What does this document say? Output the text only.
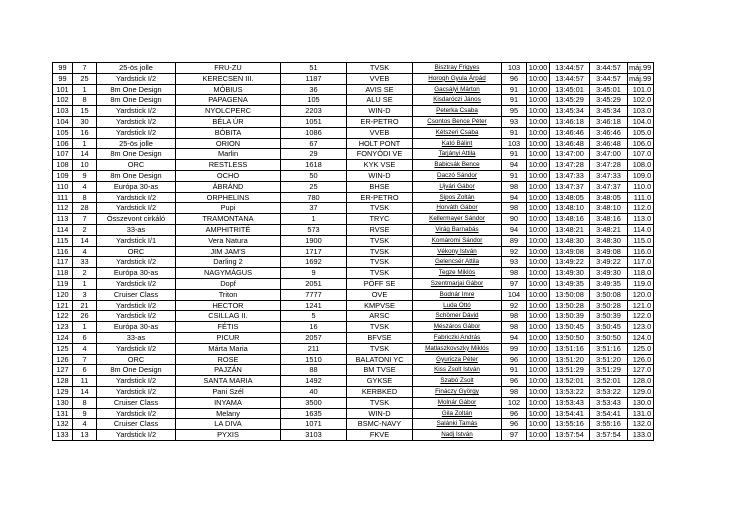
99	7	25-ös jolle	FRU-ZU	51	TVSK	Bisztray Frigyes	103	10:00	13:44:57	3:44:57	máj.99
99	25	Yardstick I/2	KERECSEN III.	1187	VVEB	Horogh Gyula Árpád	96	10:00	13:44:57	3:44:57	máj.99
101	1	8m One Design	MÓBIUS	36	AVIS SE	Gacsályi Márton	91	10:00	13:45:01	3:45:01	101.0
102	8	8m One Design	PAPAGENA	105	ALU SE	Kisdaróczi János	91	10:00	13:45:29	3:45:29	102.0
103	15	Yardstick I/2	NYOLCPERC	2203	WIN-D	Peterka Csaba	95	10:00	13:45:34	3:45:34	103.0
104	30	Yardstick I/2	BÉLA ÚR	1051	ER-PETRO	Csontos Bence Péter	93	10:00	13:46:18	3:46:18	104.0
105	16	Yardstick I/2	BÓBITA	1086	VVEB	Kétszeri Csaba	91	10:00	13:46:46	3:46:46	105.0
106	1	25-ös jolle	ORION	67	HOLT PONT	Kató Bálint	103	10:00	13:46:48	3:46:48	106.0
107	14	8m One Design	Marlin	29	FONYÓDI VE	Tarjányi Attila	91	10:00	13:47:00	3:47:00	107.0
108	10	ORC	RESTLESS	1618	KYK VSE	Babicsák Bence	94	10:00	13:47:28	3:47:28	108.0
109	9	8m One Design	OCHO	50	WIN-D	Daczó Sándor	91	10:00	13:47:33	3:47:33	109.0
110	4	Európa 30-as	ÁBRÁND	25	BHSE	Ujvári Gábor	98	10:00	13:47:37	3:47:37	110.0
111	8	Yardstick I/2	ORPHELINS	780	ER-PETRO	Sipos Zoltán	94	10:00	13:48:05	3:48:05	111.0
112	28	Yardstick I/2	Pupi	37	TVSK	Horváth Gábor	98	10:00	13:48:10	3:48:10	112.0
113	7	Összevont cirkáló	TRAMONTANA	1	TRYC	Kellermayer Sándor	90	10:00	13:48:16	3:48:16	113.0
114	2	33-as	AMPHITRITÉ	573	RVSE	Virág Barnabás	94	10:00	13:48:21	3:48:21	114.0
115	14	Yardstick I/1	Vera Natura	1900	TVSK	Komáromi Sándor	89	10:00	13:48:30	3:48:30	115.0
116	4	ORC	JIM JAM'S	1717	TVSK	Vékony István	92	10:00	13:49:08	3:49:08	116.0
117	33	Yardstick I/2	Darling 2	1692	TVSK	Gelencsér Attila	93	10:00	13:49:22	3:49:22	117.0
118	2	Európa 30-as	NAGYMÁGUS	9	TVSK	Tegze Miklós	98	10:00	13:49:30	3:49:30	118.0
119	1	Yardstick I/2	Dopf	2051	PÖFF SE	Szentmarjai Gábor	97	10:00	13:49:35	3:49:35	119.0
120	3	Cruiser Class	Triton	7777	OVE	Bodnár Imre	104	10:00	13:50:08	3:50:08	120.0
121	21	Yardstick I/2	HECTOR	1241	KMPVSE	Luda Ottó	92	10:00	13:50:28	3:50:28	121.0
122	26	Yardstick I/2	CSILLAG II.	5	ARSC	Schömer Dávid	98	10:00	13:50:39	3:50:39	122.0
123	1	Európa 30-as	FÉTIS	16	TVSK	Mészáros Gábor	98	10:00	13:50:45	3:50:45	123.0
124	6	33-as	PICUR	2057	BFVSE	Fabriczki András	94	10:00	13:50:50	3:50:50	124.0
125	4	Yardstick I/2	Márta Maria	211	TVSK	Matlaszkovszky Miklós	99	10:00	13:51:16	3:51:16	125.0
126	7	ORC	ROSE	1510	BALATONI YC	Gyuricza Péter	96	10:00	13:51:20	3:51:20	126.0
127	6	8m One Design	PAJZÁN	88	BM TVSE	Kiss Zsolt István	91	10:00	13:51:29	3:51:29	127.0
128	11	Yardstick I/2	SANTA MARIA	1492	GYKSE	Szabó Zsolt	96	10:00	13:52:01	3:52:01	128.0
129	14	Yardstick I/2	Pani Szél	40	KERBKED	Fináczy György	98	10:00	13:53:22	3:53:22	129.0
130	8	Cruiser Class	INYAMA	3500	TVSK	Molnár Gábor	102	10:00	13:53:43	3:53:43	130.0
131	9	Yardstick I/2	Melany	1635	WIN-D	Gila Zoltán	96	10:00	13:54:41	3:54:41	131.0
132	4	Cruiser Class	LA DIVA	1071	BSMC-NAVY	Salánki Tamás	96	10:00	13:55:16	3:55:16	132.0
133	13	Yardstick I/2	PYXIS	3103	FKVE	Nadj István	97	10:00	13:57:54	3:57:54	133.0
